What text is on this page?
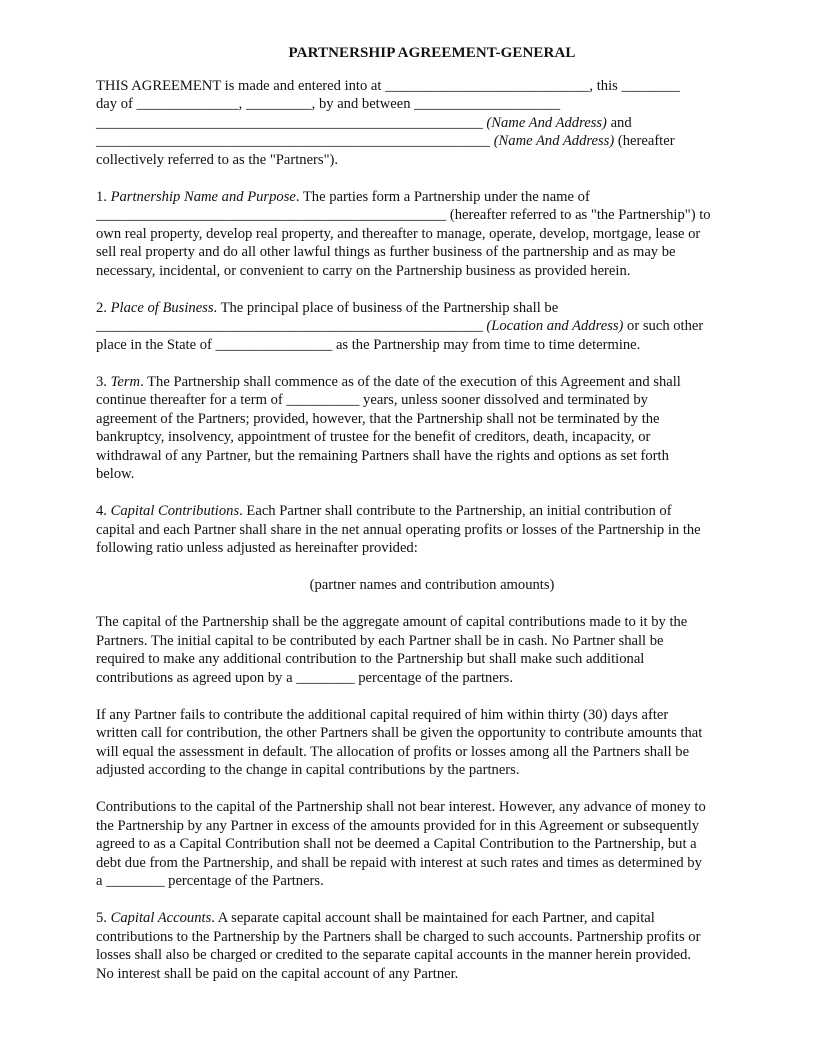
PARTNERSHIP AGREEMENT-GENERAL

THIS AGREEMENT is made and entered into at ____________________________, this ________
day of ______________, _________, by and between ____________________
_____________________________________________________ (Name And Address) and
______________________________________________________ (Name And Address) (hereafter
collectively referred to as the "Partners").

1. Partnership Name and Purpose. The parties form a Partnership under the name of
________________________________________________ (hereafter referred to as "the Partnership") to
own real property, develop real property, and thereafter to manage, operate, develop, mortgage, lease or
sell real property and do all other lawful things as further business of the partnership and as may be
necessary, incidental, or convenient to carry on the Partnership business as provided herein.

2. Place of Business. The principal place of business of the Partnership shall be
_____________________________________________________ (Location and Address) or such other
place in the State of ________________ as the Partnership may from time to time determine.

3. Term. The Partnership shall commence as of the date of the execution of this Agreement and shall
continue thereafter for a term of __________ years, unless sooner dissolved and terminated by
agreement of the Partners; provided, however, that the Partnership shall not be terminated by the
bankruptcy, insolvency, appointment of trustee for the benefit of creditors, death, incapacity, or
withdrawal of any Partner, but the remaining Partners shall have the rights and options as set forth
below.

4. Capital Contributions. Each Partner shall contribute to the Partnership, an initial contribution of
capital and each Partner shall share in the net annual operating profits or losses of the Partnership in the
following ratio unless adjusted as hereinafter provided:

(partner names and contribution amounts)

The capital of the Partnership shall be the aggregate amount of capital contributions made to it by the
Partners. The initial capital to be contributed by each Partner shall be in cash. No Partner shall be
required to make any additional contribution to the Partnership but shall make such additional
contributions as agreed upon by a ________ percentage of the partners.

If any Partner fails to contribute the additional capital required of him within thirty (30) days after
written call for contribution, the other Partners shall be given the opportunity to contribute amounts that
will equal the assessment in default. The allocation of profits or losses among all the Partners shall be
adjusted according to the change in capital contributions by the partners.

Contributions to the capital of the Partnership shall not bear interest. However, any advance of money to
the Partnership by any Partner in excess of the amounts provided for in this Agreement or subsequently
agreed to as a Capital Contribution shall not be deemed a Capital Contribution to the Partnership, but a
debt due from the Partnership, and shall be repaid with interest at such rates and times as determined by
a ________ percentage of the Partners.

5. Capital Accounts. A separate capital account shall be maintained for each Partner, and capital
contributions to the Partnership by the Partners shall be charged to such accounts. Partnership profits or
losses shall also be charged or credited to the separate capital accounts in the manner herein provided.
No interest shall be paid on the capital account of any Partner.
